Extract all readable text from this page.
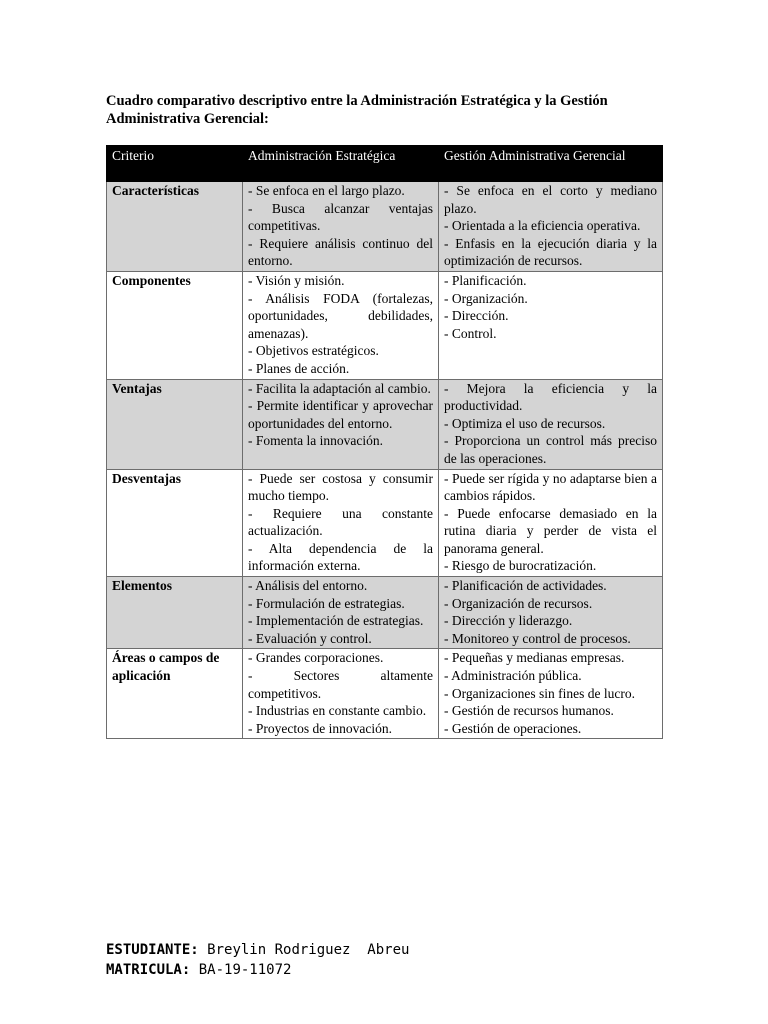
Cuadro comparativo descriptivo entre la Administración Estratégica y la Gestión Administrativa Gerencial:
Criterio	Administración Estratégica	Gestión Administrativa Gerencial
Características	- Se enfoca en el largo plazo.
- Busca alcanzar ventajas competitivas.
- Requiere análisis continuo del entorno.	- Se enfoca en el corto y mediano plazo.
- Orientada a la eficiencia operativa.
- Enfasis en la ejecución diaria y la optimización de recursos.

Componentes	- Visión y misión.
- Análisis FODA (fortalezas, oportunidades, debilidades, amenazas).
- Objetivos estratégicos.
- Planes de acción.	- Planificación.
- Organización.
- Dirección.
- Control.

Ventajas	- Facilita la adaptación al cambio.
- Permite identificar y aprovechar oportunidades del entorno.
- Fomenta la innovación.	- Mejora la eficiencia y la productividad.
- Optimiza el uso de recursos.
- Proporciona un control más preciso de las operaciones.

Desventajas	- Puede ser costosa y consumir mucho tiempo.
- Requiere una constante actualización.
- Alta dependencia de la información externa.	- Puede ser rígida y no adaptarse bien a cambios rápidos.
- Puede enfocarse demasiado en la rutina diaria y perder de vista el panorama general.
- Riesgo de burocratización.

Elementos	- Análisis del entorno.
- Formulación de estrategias.
- Implementación de estrategias.
- Evaluación y control.	- Planificación de actividades.
- Organización de recursos.
- Dirección y liderazgo.
- Monitoreo y control de procesos.

Áreas o campos de aplicación	- Grandes corporaciones.
- Sectores altamente competitivos.
- Industrias en constante cambio.
- Proyectos de innovación.	- Pequeñas y medianas empresas.
- Administración pública.
- Organizaciones sin fines de lucro.
- Gestión de recursos humanos.
- Gestión de operaciones.
ESTUDIANTE: Breylin Rodriguez  Abreu
MATRICULA: BA-19-11072
